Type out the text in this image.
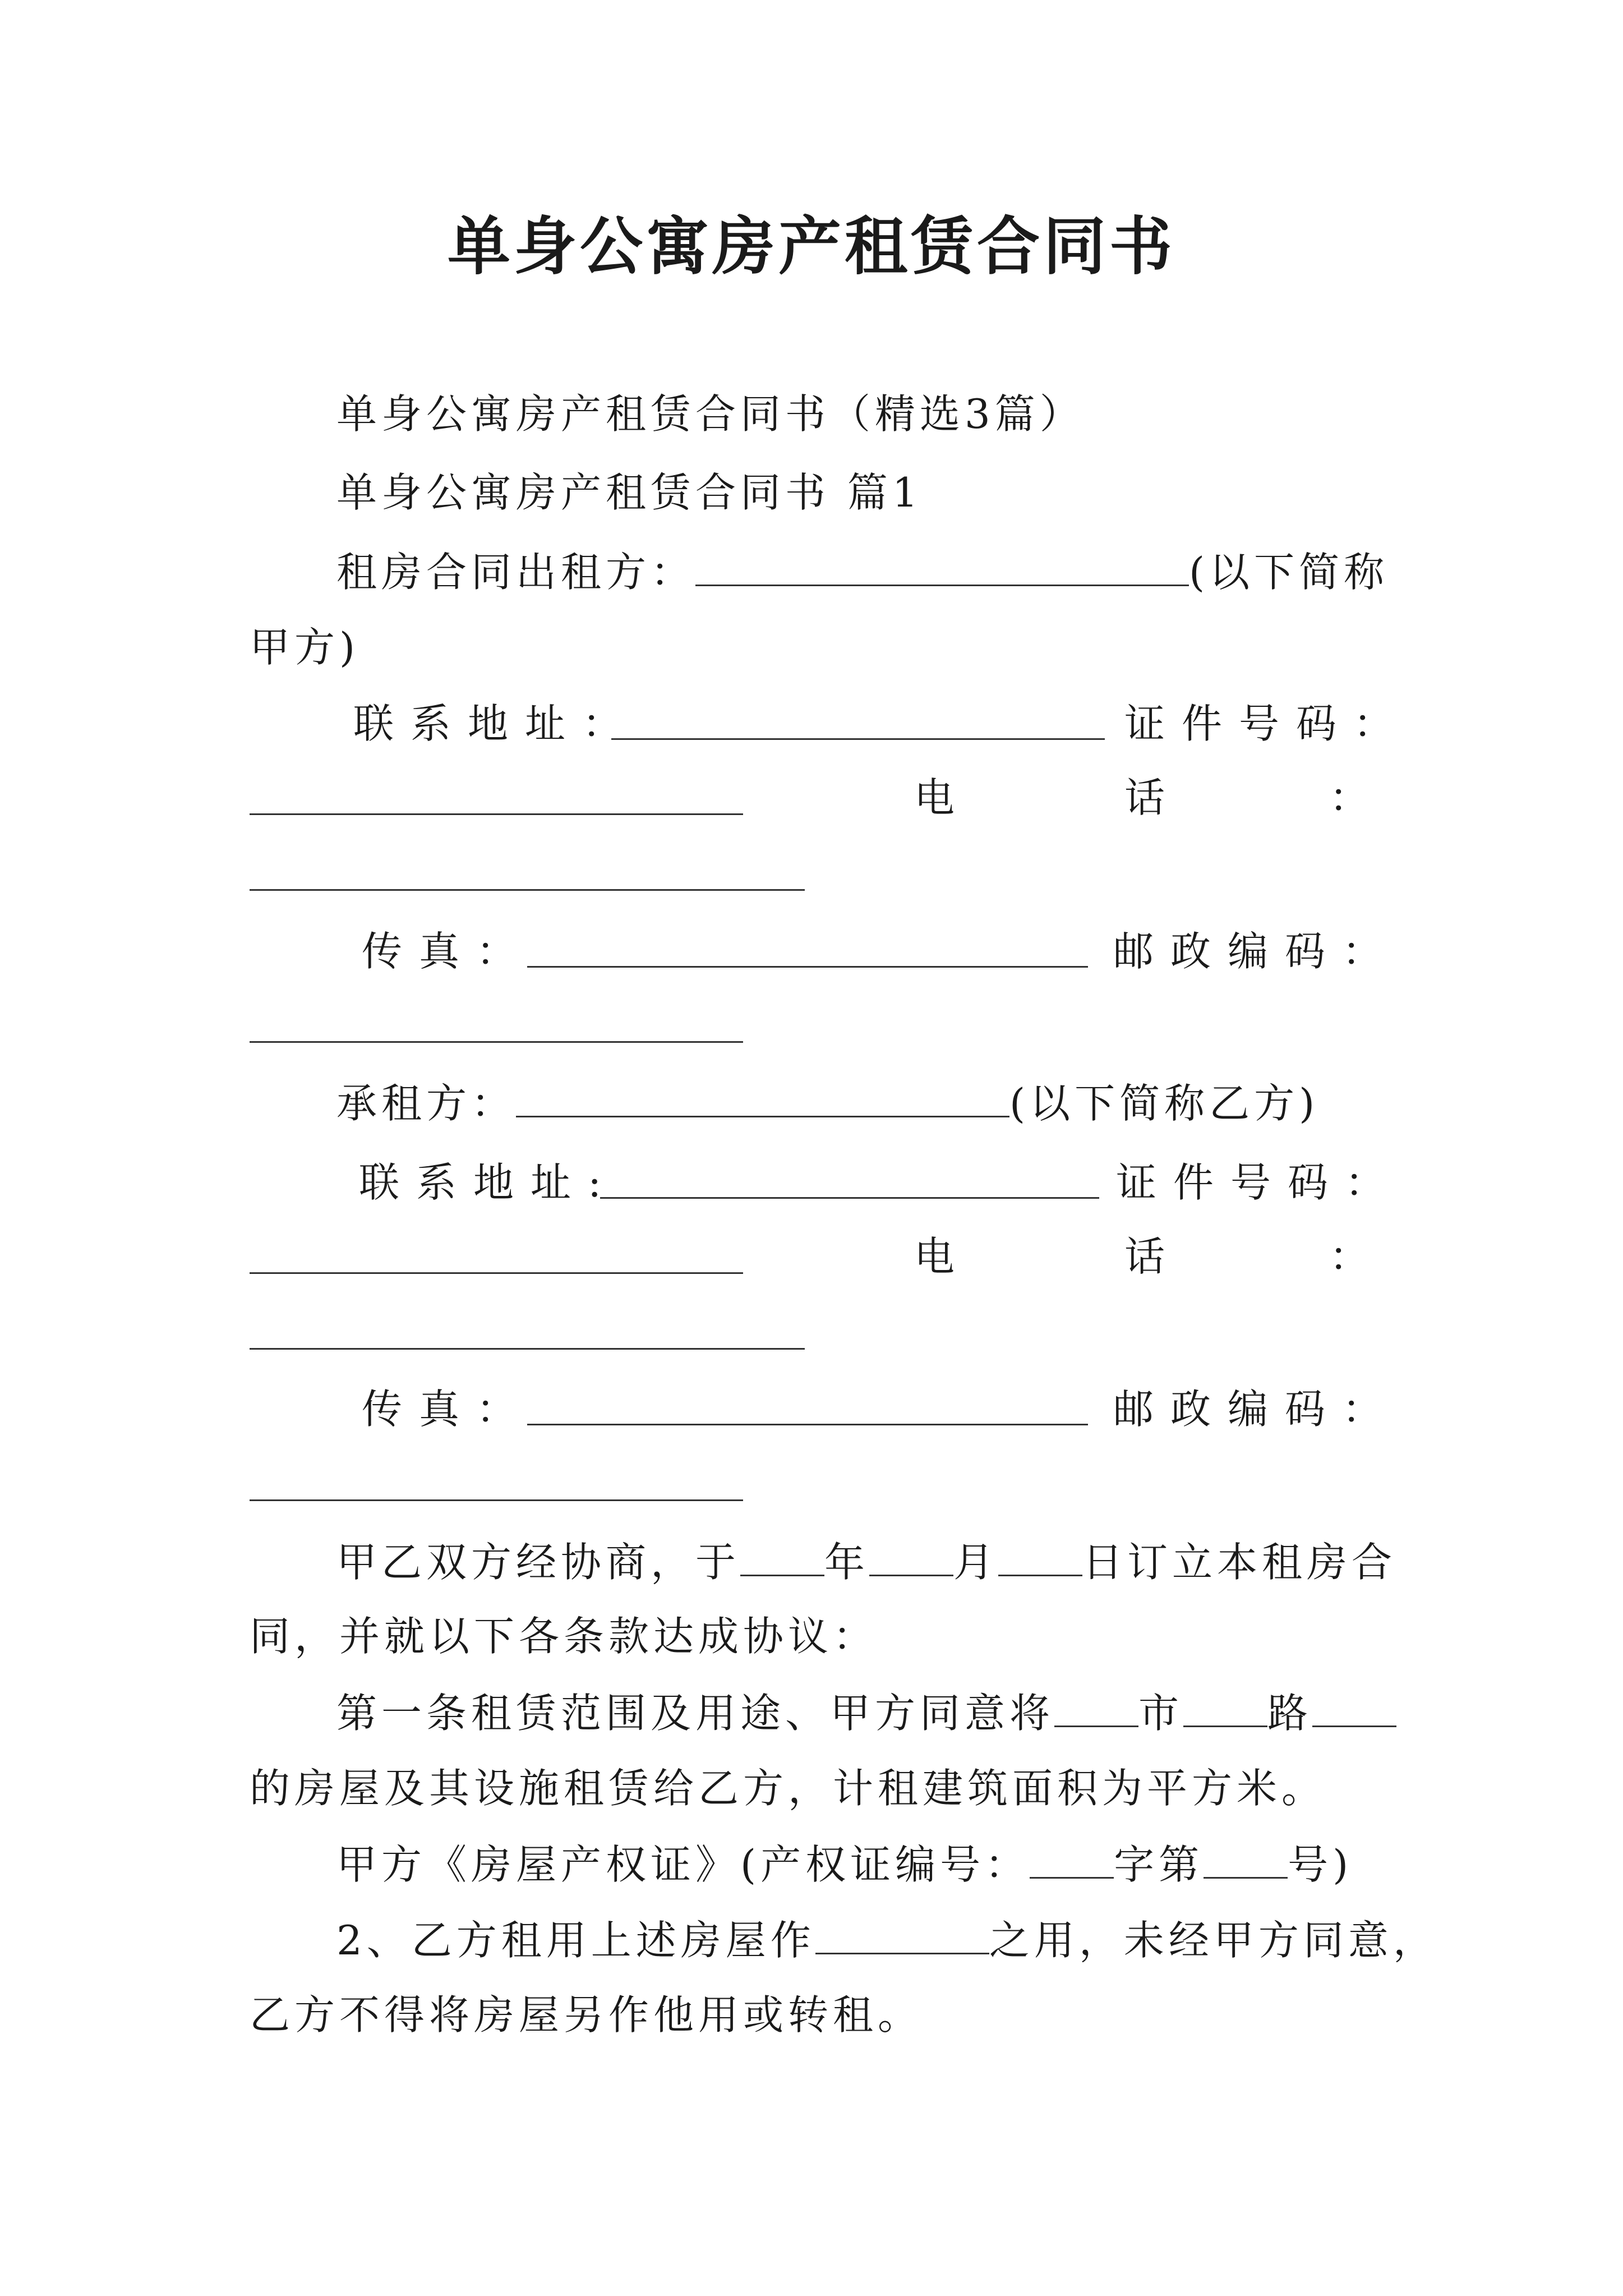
单身公寓房产租赁合同书
单身公寓房产租赁合同书（精选3篇）
单身公寓房产租赁合同书 篇1
租房合同出租方：	(以下简称
甲方)
联系地址：	证件号码：
电	话	：
传真：	邮政编码：
承租方：	(以下简称乙方)
联系地址:	证件号码：
电	话	：
传真：	邮政编码：
甲乙双方经协商，于 年 月 日订立本租房合
同，并就以下各条款达成协议：
第一条租赁范围及用途、甲方同意将 市 路
的房屋及其设施租赁给乙方，计租建筑面积为平方米。
甲方《房屋产权证》(产权证编号： 字第 号)
2、乙方租用上述房屋作	之用，未经甲方同意，
乙方不得将房屋另作他用或转租。
